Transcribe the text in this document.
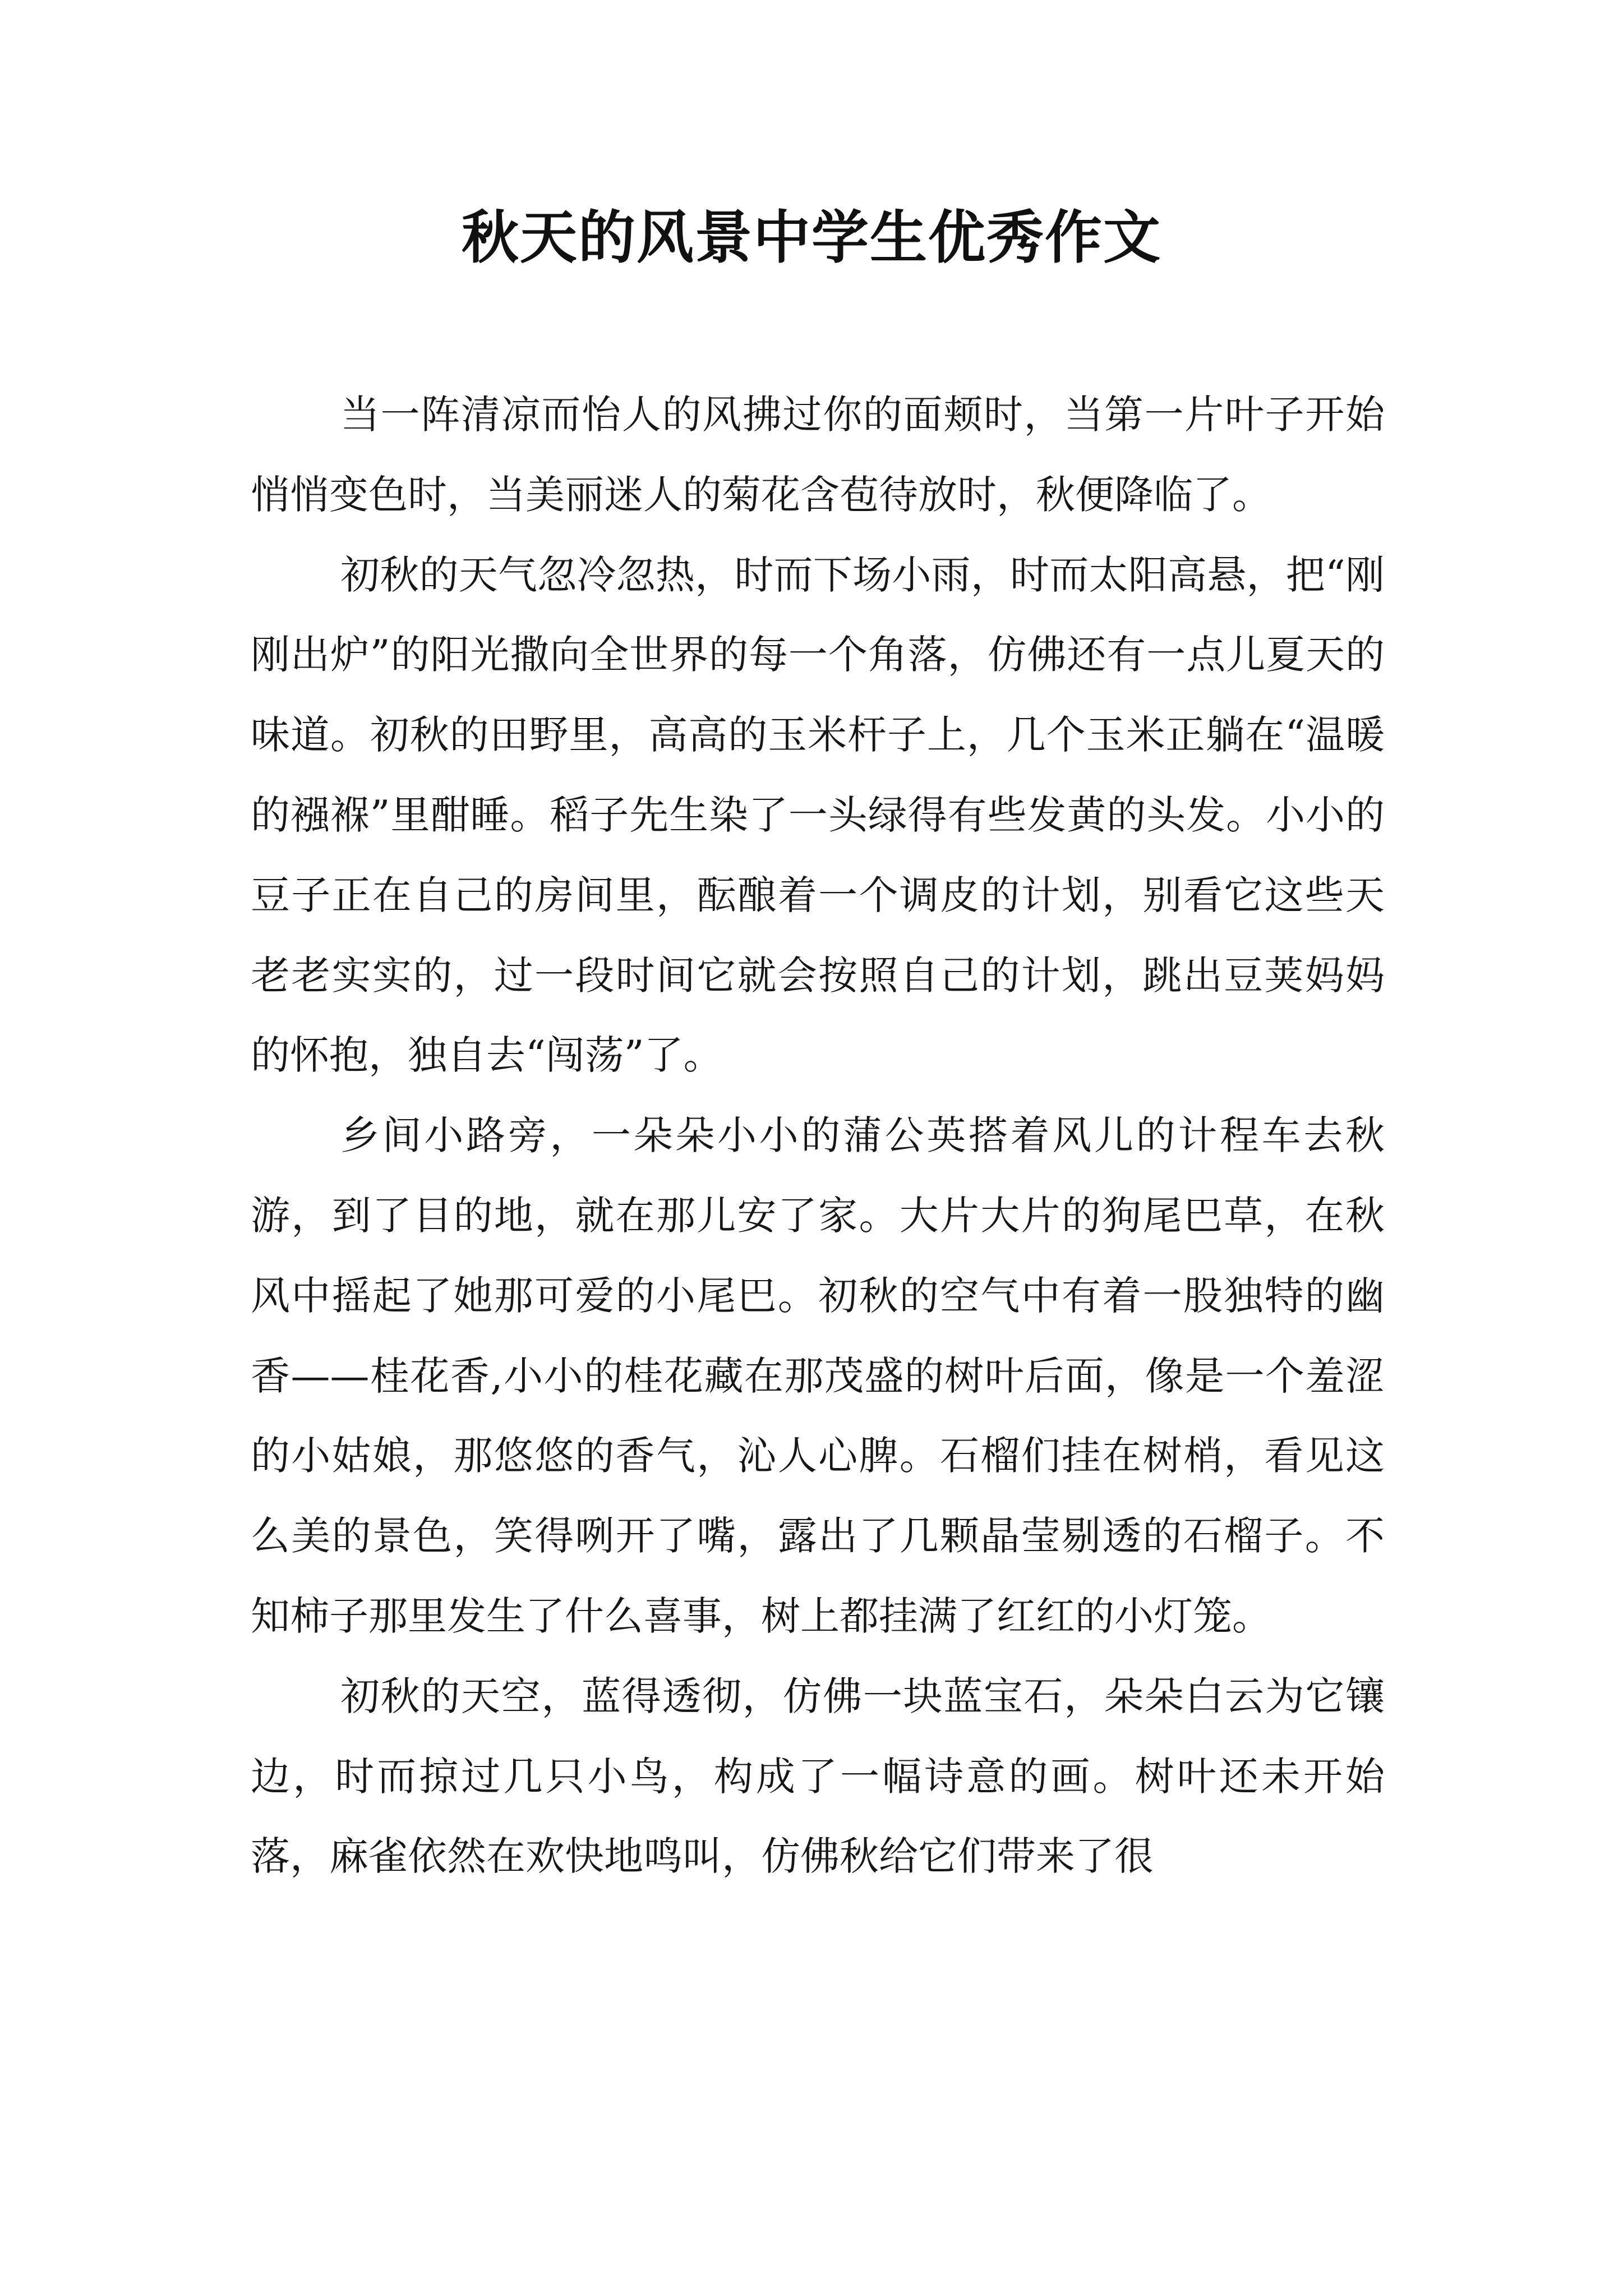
秋天的风景中学生优秀作文

当一阵清凉而怡人的风拂过你的面颊时，当第一片叶子开始悄悄变色时，当美丽迷人的菊花含苞待放时，秋便降临了。

初秋的天气忽冷忽热，时而下场小雨，时而太阳高悬，把“刚刚出炉”的阳光撒向全世界的每一个角落，仿佛还有一点儿夏天的味道。初秋的田野里，高高的玉米杆子上，几个玉米正躺在“温暖的襁褓”里酣睡。稻子先生染了一头绿得有些发黄的头发。小小的豆子正在自己的房间里，酝酿着一个调皮的计划，别看它这些天老老实实的，过一段时间它就会按照自己的计划，跳出豆荚妈妈的怀抱，独自去“闯荡”了。

乡间小路旁，一朵朵小小的蒲公英搭着风儿的计程车去秋游，到了目的地，就在那儿安了家。大片大片的狗尾巴草，在秋风中摇起了她那可爱的小尾巴。初秋的空气中有着一股独特的幽香——桂花香,小小的桂花藏在那茂盛的树叶后面，像是一个羞涩的小姑娘，那悠悠的香气，沁人心脾。石榴们挂在树梢，看见这么美的景色，笑得咧开了嘴，露出了几颗晶莹剔透的石榴子。不知柿子那里发生了什么喜事，树上都挂满了红红的小灯笼。

初秋的天空，蓝得透彻，仿佛一块蓝宝石，朵朵白云为它镶边，时而掠过几只小鸟，构成了一幅诗意的画。树叶还未开始落，麻雀依然在欢快地鸣叫，仿佛秋给它们带来了很
